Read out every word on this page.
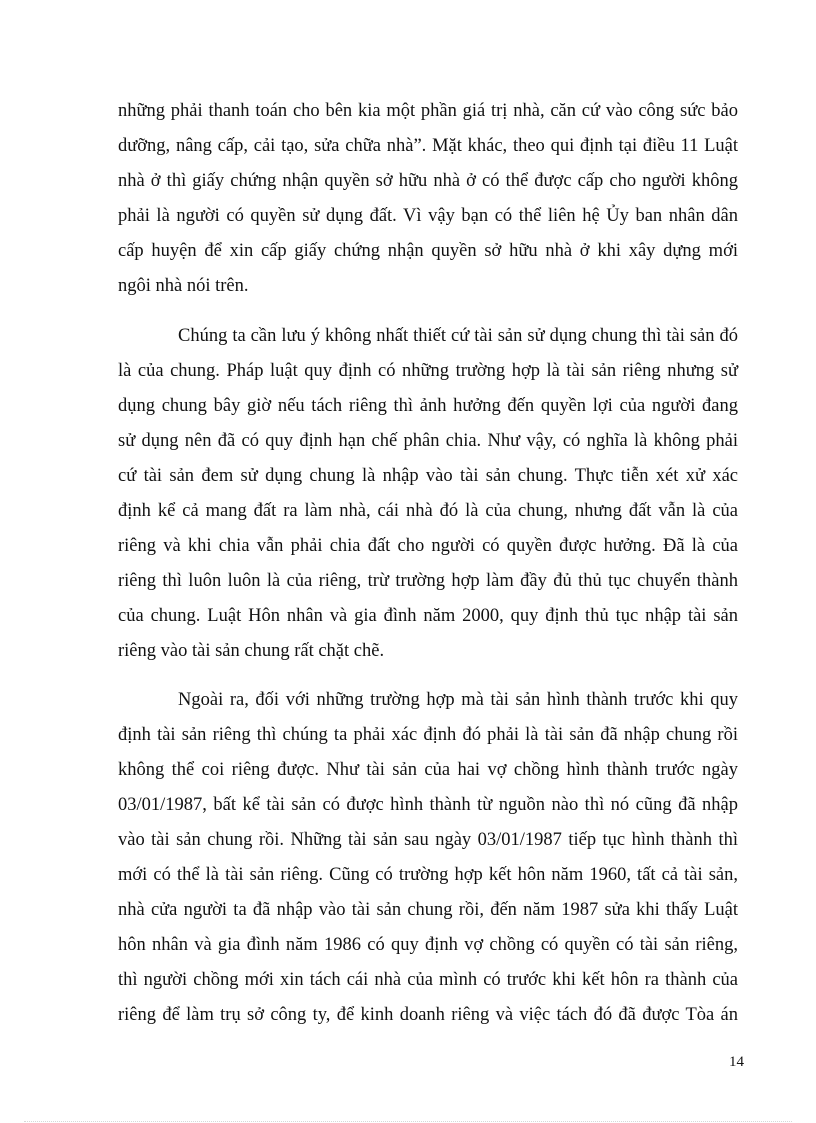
những phải thanh toán cho bên kia một phần giá trị nhà, căn cứ vào công sức bảo
dưỡng, nâng cấp, cải tạo, sửa chữa nhà”. Mặt khác, theo qui định tại điều 11 Luật
nhà ở thì giấy chứng nhận quyền sở hữu nhà ở có thể được cấp cho người không
phải là người có quyền sử dụng đất. Vì vậy bạn có thể liên hệ Ủy ban nhân dân
cấp huyện để xin cấp giấy chứng nhận quyền sở hữu nhà ở khi xây dựng mới
ngôi nhà nói trên.
Chúng ta cần lưu ý không nhất thiết cứ tài sản sử dụng chung thì tài sản đó
là của chung. Pháp luật quy định có những trường hợp là tài sản riêng nhưng sử
dụng chung bây giờ nếu tách riêng thì ảnh hưởng đến quyền lợi của người đang
sử dụng nên đã có quy định hạn chế phân chia. Như vậy, có nghĩa là không phải
cứ tài sản đem sử dụng chung là nhập vào tài sản chung. Thực tiễn xét xử xác
định kể cả mang đất ra làm nhà, cái nhà đó là của chung, nhưng đất vẫn là của
riêng và khi chia vẫn phải chia đất cho người có quyền được hưởng. Đã là của
riêng thì luôn luôn là của riêng, trừ trường hợp làm đầy đủ thủ tục chuyển thành
của chung. Luật Hôn nhân và gia đình năm 2000, quy định thủ tục nhập tài sản
riêng vào tài sản chung rất chặt chẽ.
Ngoài ra, đối với những trường hợp mà tài sản hình thành trước khi quy
định tài sản riêng thì chúng ta phải xác định đó phải là tài sản đã nhập chung rồi
không thể coi riêng được. Như tài sản của hai vợ chồng hình thành trước ngày
03/01/1987, bất kể tài sản có được hình thành từ nguồn nào thì nó cũng đã nhập
vào tài sản chung rồi. Những tài sản sau ngày 03/01/1987 tiếp tục hình thành thì
mới có thể là tài sản riêng. Cũng có trường hợp kết hôn năm 1960, tất cả tài sản,
nhà cửa người ta đã nhập vào tài sản chung rồi, đến năm 1987 sửa khi thấy Luật
hôn nhân và gia đình năm 1986 có quy định vợ chồng có quyền có tài sản riêng,
thì người chồng mới xin tách cái nhà của mình có trước khi kết hôn ra thành của
riêng để làm trụ sở công ty, để kinh doanh riêng và việc tách đó đã được Tòa án
14
